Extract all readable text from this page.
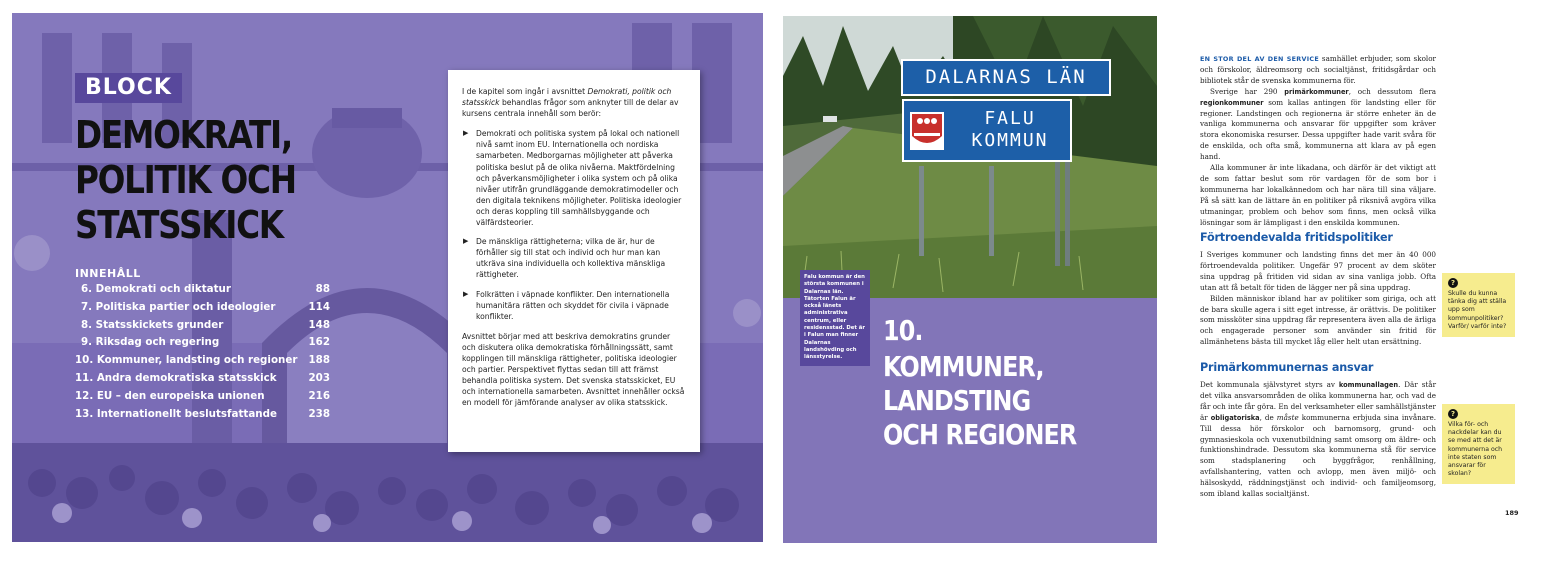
BLOCK
DEMOKRATI,
POLITIK OCH
STATSSKICK
INNEHÅLL
6. Demokrati och diktatur	88
7. Politiska partier och ideologier	114
8. Statsskickets grunder	148
9. Riksdag och regering	162
10. Kommuner, landsting och regioner 188
11. Andra demokratiska statsskick	203
12. EU – den europeiska unionen	216
13. Internationellt beslutsfattande	238

I de kapitel som ingår i avsnittet Demokrati, politik och statsskick behandlas frågor som anknyter till de delar av kursens centrala innehåll som berör:

▶ Demokrati och politiska system på lokal och nationell nivå samt inom EU. Internationella och nordiska samarbeten. Medborgarnas möjligheter att påverka politiska beslut på de olika nivåerna. Maktfördelning och påverkansmöjligheter i olika system och på olika nivåer utifrån grundläggande demokratimodeller och den digitala teknikens möjligheter. Politiska ideologier och deras koppling till samhällsbyggande och välfärdsteorier.
▶ De mänskliga rättigheterna; vilka de är, hur de förhåller sig till stat och individ och hur man kan utkräva sina individuella och kollektiva mänskliga rättigheter.
▶ Folkrätten i väpnade konflikter. Den internationella humanitära rätten och skyddet för civila i väpnade konflikter.

Avsnittet börjar med att beskriva demokratins grunder och diskutera olika demokratiska förhållningssätt, samt kopplingen till mänskliga rättigheter, politiska ideologier och partier. Perspektivet flyttas sedan till att främst behandla politiska system. Det svenska statsskicket, EU och internationella samarbeten. Avsnittet innehåller också en modell för jämförande analyser av olika statsskick.

DALARNAS LÄN
FALU
KOMMUN
Falu kommun är den största kommunen i Dalarnas län. Tätorten Falun är också länets administrativa centrum, eller residensstad. Det är i Falun man finner Dalarnas landshövding och länsstyrelse.
10.
KOMMUNER,
LANDSTING
OCH REGIONER

EN STOR DEL AV DEN SERVICE samhället erbjuder, som skolor och förskolor, äldreomsorg och socialtjänst, fritidsgårdar och bibliotek står de svenska kommunerna för.

Sverige har 290 primärkommuner, och dessutom flera regionkommuner som kallas antingen för landsting eller för regioner. Landstingen och regionerna är större enheter än de vanliga kommunerna och ansvarar för uppgifter som kräver stora ekonomiska resurser. Dessa uppgifter hade varit svåra för de enskilda, och ofta små, kommunerna att klara av på egen hand.

Alla kommuner är inte likadana, och därför är det viktigt att de som fattar beslut som rör vardagen för de som bor i kommunerna har lokalkännedom och har nära till sina väljare. På så sätt kan de lättare än en politiker på riksnivå avgöra vilka utmaningar, problem och behov som finns, men också vilka lösningar som är lämpligast i den enskilda kommunen.

Förtroendevalda fritidspolitiker

I Sveriges kommuner och landsting finns det mer än 40 000 förtroendevalda politiker. Ungefär 97 procent av dem sköter sina uppdrag på fritiden vid sidan av sina vanliga jobb. Ofta utan att få betalt för tiden de lägger ner på sina uppdrag.

Bilden människor ibland har av politiker som giriga, och att de bara skulle agera i sitt eget intresse, är orättvis. De politiker som missköter sina uppdrag får representera även alla de ärliga och engagerade personer som använder sin fritid för allmänhetens bästa till mycket låg eller helt utan ersättning.

Primärkommunernas ansvar

Det kommunala självstyret styrs av kommunallagen. Där står det vilka ansvarsområden de olika kommunerna har, och vad de får och inte får göra. En del verksamheter eller samhällstjänster är obligatoriska, de måste kommunerna erbjuda sina invånare. Till dessa hör förskolor och barnomsorg, grund- och gymnasieskola och vuxenutbildning samt omsorg om äldre- och funktionshindrade. Dessutom ska kommunerna stå för service som stadsplanering och byggfrågor, renhållning, avfallshantering, vatten och avlopp, men även miljö- och hälsoskydd, räddningstjänst och individ- och familjeomsorg, som ibland kallas socialtjänst.

?
Skulle du kunna tänka dig att ställa upp som kommunpolitiker? Varför/ varför inte?
?
Vilka för- och nackdelar kan du se med att det är kommunerna och inte staten som ansvarar för skolan?
189
